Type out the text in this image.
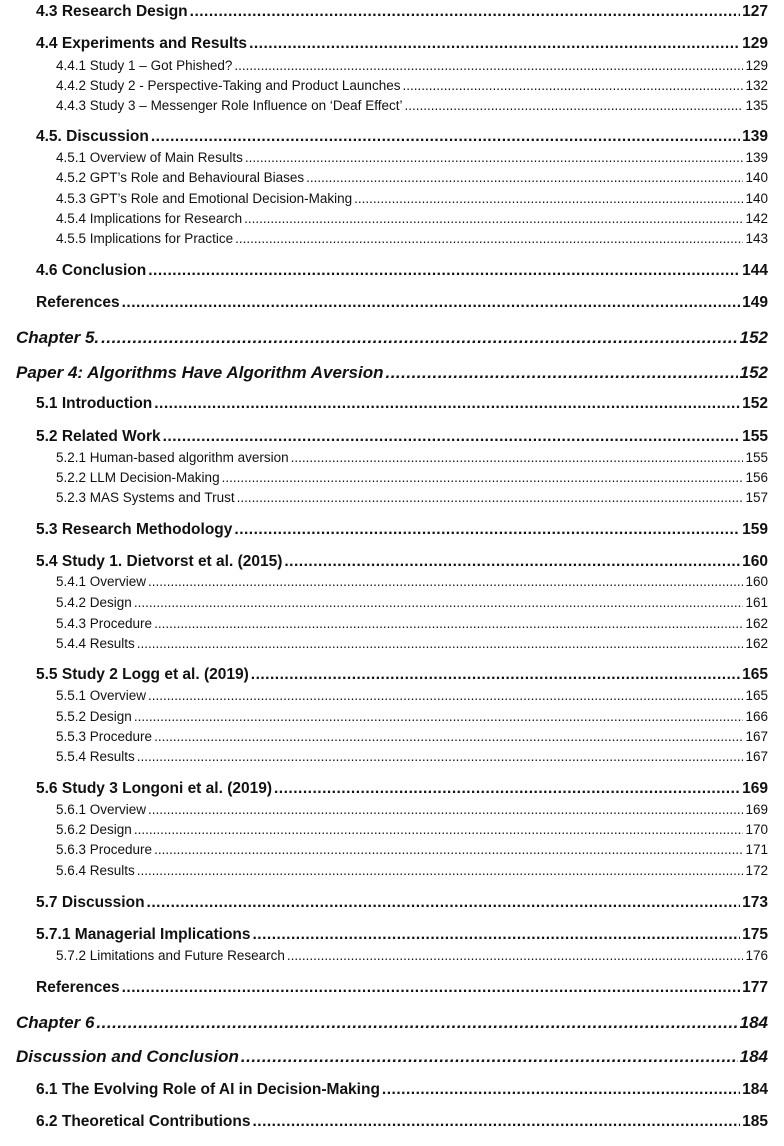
4.3 Research Design .....	127
4.4 Experiments and Results .....	129
4.4.1 Study 1 – Got Phished? .....	129
4.4.2 Study 2 - Perspective-Taking and Product Launches .....	132
4.4.3 Study 3 – Messenger Role Influence on ‘Deaf Effect’ .....	135
4.5. Discussion .....	139
4.5.1 Overview of Main Results .....	139
4.5.2 GPT’s Role and Behavioural Biases .....	140
4.5.3 GPT’s Role and Emotional Decision-Making .....	140
4.5.4 Implications for Research .....	142
4.5.5 Implications for Practice .....	143
4.6 Conclusion .....	144
References .....	149
Chapter 5. .....	152
Paper 4: Algorithms Have Algorithm Aversion .....	152
5.1 Introduction .....	152
5.2 Related Work .....	155
5.2.1 Human-based algorithm aversion .....	155
5.2.2 LLM Decision-Making .....	156
5.2.3 MAS Systems and Trust .....	157
5.3 Research Methodology .....	159
5.4 Study 1. Dietvorst et al. (2015) .....	160
5.4.1 Overview .....	160
5.4.2 Design .....	161
5.4.3 Procedure .....	162
5.4.4 Results .....	162
5.5 Study 2 Logg et al. (2019) .....	165
5.5.1 Overview .....	165
5.5.2 Design .....	166
5.5.3 Procedure .....	167
5.5.4 Results .....	167
5.6 Study 3 Longoni et al. (2019) .....	169
5.6.1 Overview .....	169
5.6.2 Design .....	170
5.6.3 Procedure .....	171
5.6.4 Results .....	172
5.7 Discussion .....	173
5.7.1 Managerial Implications .....	175
5.7.2 Limitations and Future Research .....	176
References .....	177
Chapter 6 .....	184
Discussion and Conclusion .....	184
6.1 The Evolving Role of AI in Decision-Making .....	184
6.2 Theoretical Contributions .....	185
